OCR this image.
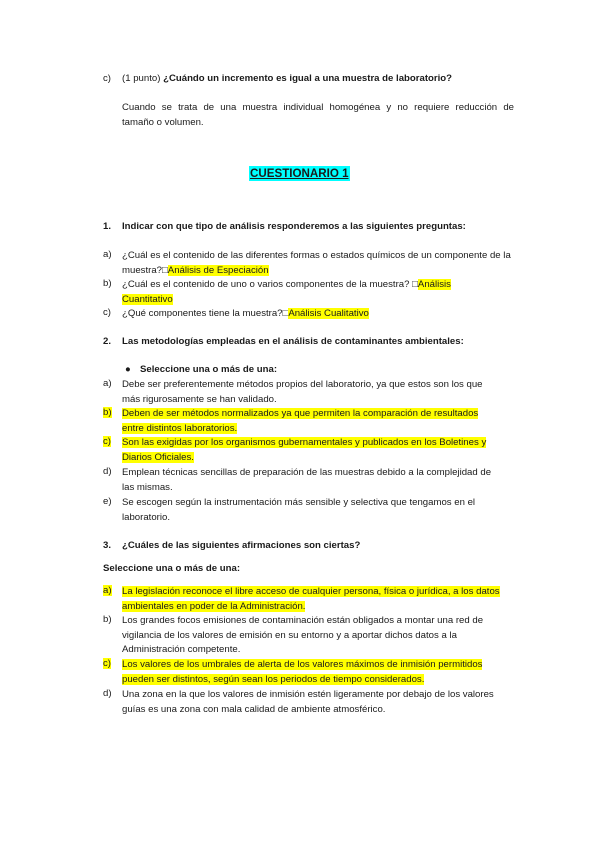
c) (1 punto) ¿Cuándo un incremento es igual a una muestra de laboratorio?
Cuando se trata de una muestra individual homogénea y no requiere reducción de
tamaño o volumen.
CUESTIONARIO 1
1. Indicar con que tipo de análisis responderemos a las siguientes preguntas:
a) ¿Cuál es el contenido de las diferentes formas o estados químicos de un componente de la muestra?□Análisis de Especiación
b) ¿Cuál es el contenido de uno o varios componentes de la muestra? □Análisis
Cuantitativo
c) ¿Qué componentes tiene la muestra?□Análisis Cualitativo
2. Las metodologías empleadas en el análisis de contaminantes ambientales:
● Seleccione una o más de una:
a) Debe ser preferentemente métodos propios del laboratorio, ya que estos son los que
más rigurosamente se han validado.
b) Deben de ser métodos normalizados ya que permiten la comparación de resultados
entre distintos laboratorios.
c) Son las exigidas por los organismos gubernamentales y publicados en los Boletines y
Diarios Oficiales.
d) Emplean técnicas sencillas de preparación de las muestras debido a la complejidad de
las mismas.
e) Se escogen según la instrumentación más sensible y selectiva que tengamos en el
laboratorio.
3. ¿Cuáles de las siguientes afirmaciones son ciertas?
Seleccione una o más de una:
a) La legislación reconoce el libre acceso de cualquier persona, física o jurídica, a los datos
ambientales en poder de la Administración.
b) Los grandes focos emisiones de contaminación están obligados a montar una red de
vigilancia de los valores de emisión en su entorno y a aportar dichos datos a la
Administración competente.
c) Los valores de los umbrales de alerta de los valores máximos de inmisión permitidos
pueden ser distintos, según sean los periodos de tiempo considerados.
d) Una zona en la que los valores de inmisión estén ligeramente por debajo de los valores
guías es una zona con mala calidad de ambiente atmosférico.
